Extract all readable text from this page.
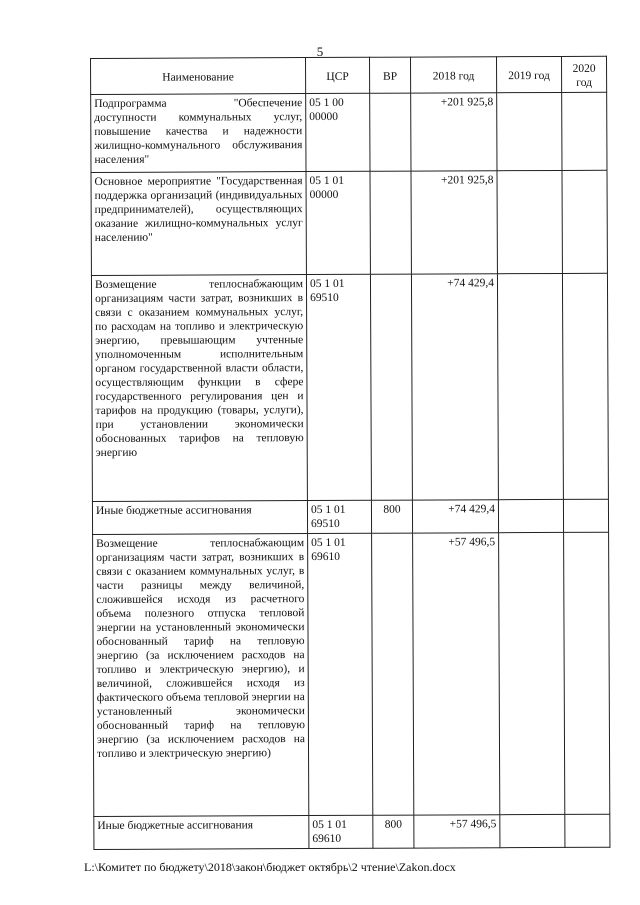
5
Наименование	ЦСР	ВР	2018 год	2019 год	2020 год
Подпрограмма "Обеспечение доступности коммунальных услуг, повышение качества и надежности жилищно-коммунального обслуживания населения"	05 1 00 00000		+201 925,8		
Основное мероприятие "Государственная поддержка организаций (индивидуальных предпринимателей), осуществляющих оказание жилищно-коммунальных услуг населению"	05 1 01 00000		+201 925,8		
Возмещение теплоснабжающим организациям части затрат, возникших в связи с оказанием коммунальных услуг, по расходам на топливо и электрическую энергию, превышающим учтенные уполномоченным исполнительным органом государственной власти области, осуществляющим функции в сфере государственного регулирования цен и тарифов на продукцию (товары, услуги), при установлении экономически обоснованных тарифов на тепловую энергию	05 1 01 69510		+74 429,4		
Иные бюджетные ассигнования	05 1 01 69510	800	+74 429,4		
Возмещение теплоснабжающим организациям части затрат, возникших в связи с оказанием коммунальных услуг, в части разницы между величиной, сложившейся исходя из расчетного объема полезного отпуска тепловой энергии на установленный экономически обоснованный тариф на тепловую энергию (за исключением расходов на топливо и электрическую энергию), и величиной, сложившейся исходя из фактического объема тепловой энергии на установленный экономически обоснованный тариф на тепловую энергию (за исключением расходов на топливо и электрическую энергию)	05 1 01 69610		+57 496,5		
Иные бюджетные ассигнования	05 1 01 69610	800	+57 496,5		
L:\Комитет по бюджету\2018\закон\бюджет октябрь\2 чтение\Zakon.docx
